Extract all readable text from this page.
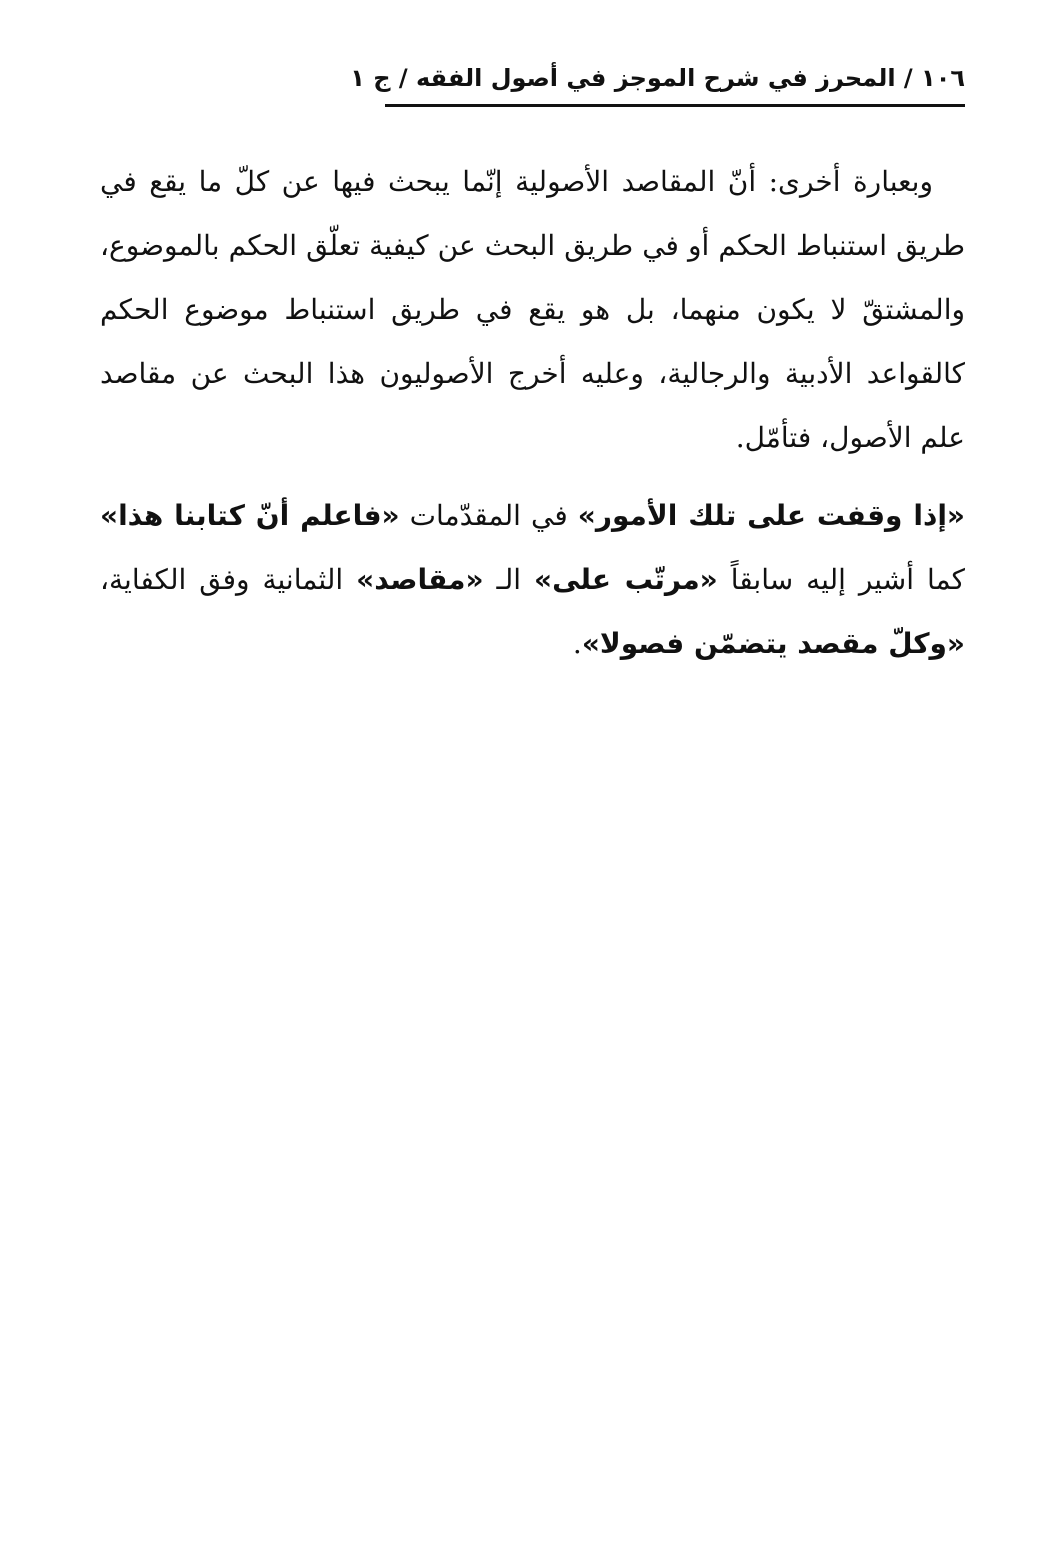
١٠٦ / المحرز في شرح الموجز في أصول الفقه / ج ١

وبعبارة أخرى: أنّ المقاصد الأصولية إنّما يبحث فيها عن كلّ ما يقع في طريق استنباط الحكم أو في طريق البحث عن كيفية تعلّق الحكم بالموضوع، والمشتقّ لا يكون منهما، بل هو يقع في طريق استنباط موضوع الحكم كالقواعد الأدبية والرجالية، وعليه أخرج الأصوليون هذا البحث عن مقاصد علم الأصول، فتأمّل.

«إذا وقفت على تلك الأمور» في المقدّمات «فاعلم أنّ كتابنا هذا» كما أشير إليه سابقاً «مرتّب على» الـ «مقاصد» الثمانية وفق الكفاية، «وكلّ مقصد يتضمّن فصولا».
